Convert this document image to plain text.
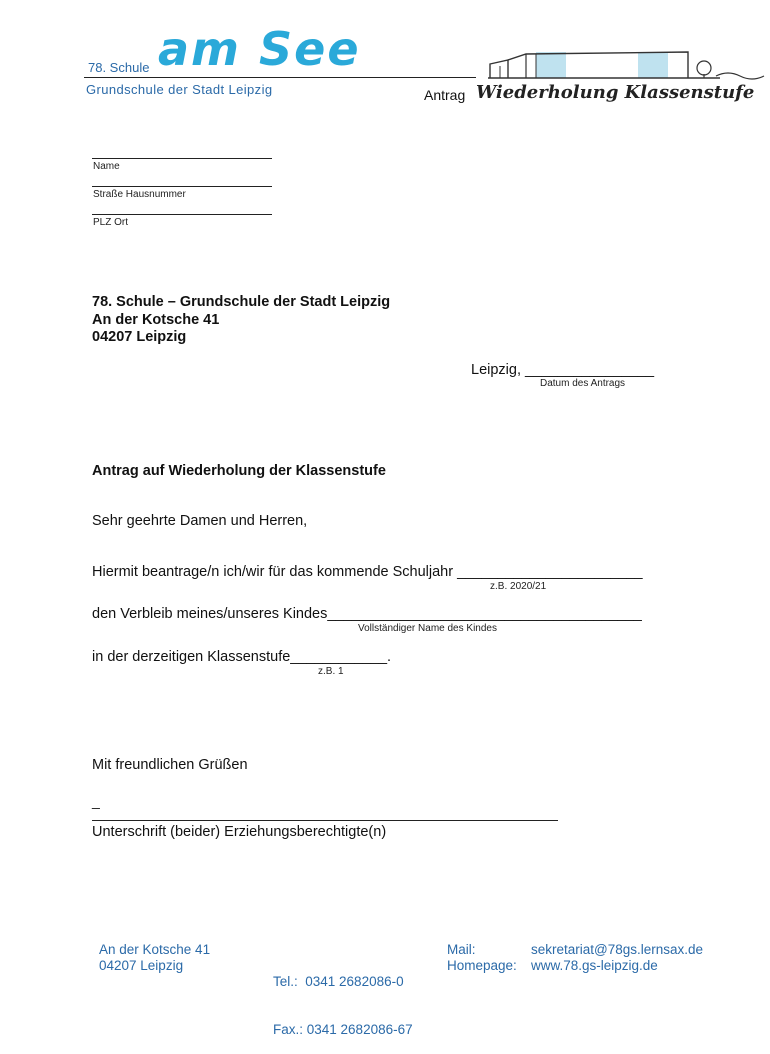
78. Schule am See
Grundschule der Stadt Leipzig	Antrag Wiederholung Klassenstufe
Name
Straße Hausnummer
PLZ Ort
78. Schule – Grundschule der Stadt Leipzig
An der Kotsche 41
04207 Leipzig
Leipzig, ________________
Datum des Antrags
Antrag auf Wiederholung der Klassenstufe
Sehr geehrte Damen und Herren,
Hiermit beantrage/n ich/wir für das kommende Schuljahr _______________________
z.B. 2020/21
den Verbleib meines/unseres Kindes_______________________________________
Vollständiger Name des Kindes
in der derzeitigen Klassenstufe____________.
z.B. 1
Mit freundlichen Grüßen
_
Unterschrift (beider) Erziehungsberechtigte(n)
An der Kotsche 41
04207 Leipzig

Tel.:  0341 2682086-0

Fax.: 0341 2682086-67

Mail:
Homepage:
sekretariat@78gs.lernsax.de
www.78.gs-leipzig.de
